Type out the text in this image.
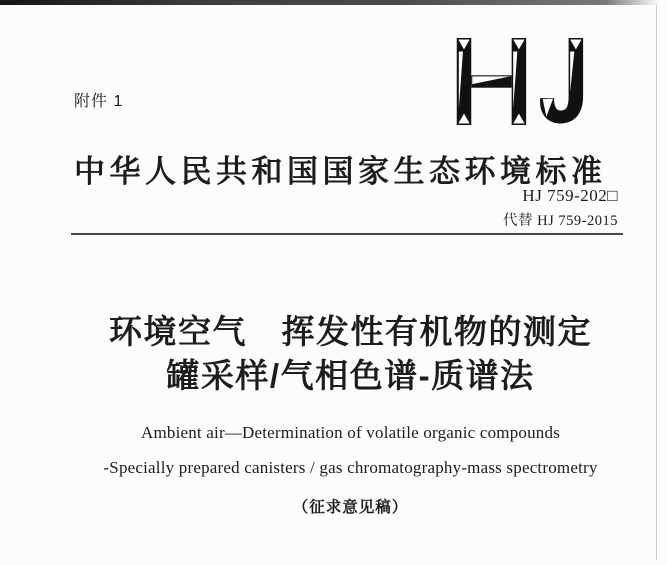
附件 1
中华人民共和国国家生态环境标准
HJ 759-202□
代替 HJ 759-2015
环境空气　挥发性有机物的测定
罐采样/气相色谱-质谱法
Ambient air—Determination of volatile organic compounds
-Specially prepared canisters / gas chromatography-mass spectrometry
（征求意见稿）
